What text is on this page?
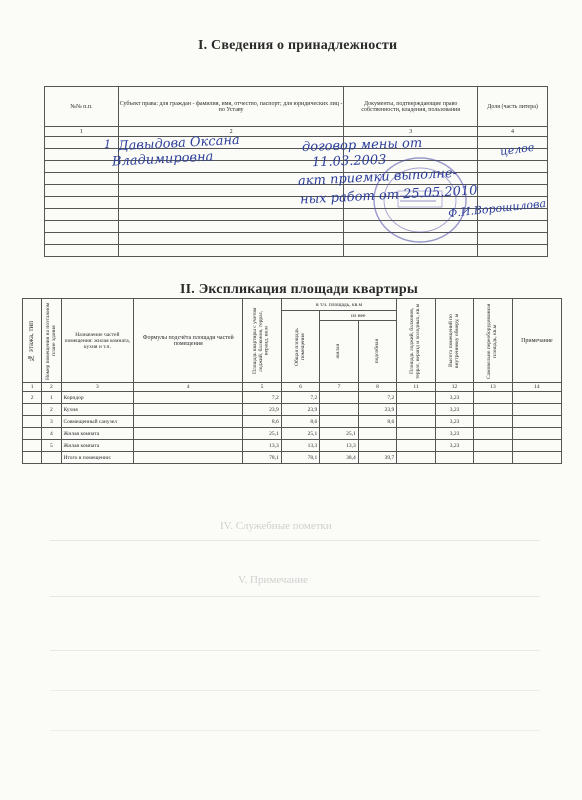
I. Сведения о принадлежности
№№ п.п.	Субъект права: для граждан - фамилия, имя, отчество, паспорт; для юридических лиц - по Уставу	Документы, подтверждающие право собственности, владения, пользования	Доля (часть литера)
1	2	3	4

1 Давыдова Оксана
Владимировна
договор мены от
11.03.2003
акт приемки выполне-
ных работ от 25.05.2010
целое
Ф.И.Ворошилова
II. Экспликация площади квартиры
№ этажа, тип	Номер помещения на поэтажном плане здания	Назначение частей помещения: жилая комната, кухня и т.п.	Формулы подсчёта площади частей помещения	Площадь квартиры с учетом лоджий, балконов, террас, веранд, кв.м	в т.ч. площадь, кв.м			Площадь лоджий, балконов, террас, веранд и холодных, кв.м	Высота помещений по внутреннему обмеру, м	Самовольно переоборудованная площадь, кв.м	Примечание

					Общая площадь помещения	из нее					

						жилая	подсобная				

1	2	3	4	5	6	7	8	11	12	13	14
2	1	Коридор		7,2	7,2		7,2		3,23		
	2	Кухня		23,9	23,9		23,9		3,23		
	3	Совмещенный санузел		8,6	8,6		8,6		3,23		
	4	Жилая комната		25,1	25,1	25,1			3,23		
	5	Жилая комната		13,3	13,3	13,3			3,23		
		Итого в помещении:		78,1	78,1	38,4	39,7				
IV. Служебные пометки
V. Примечание
